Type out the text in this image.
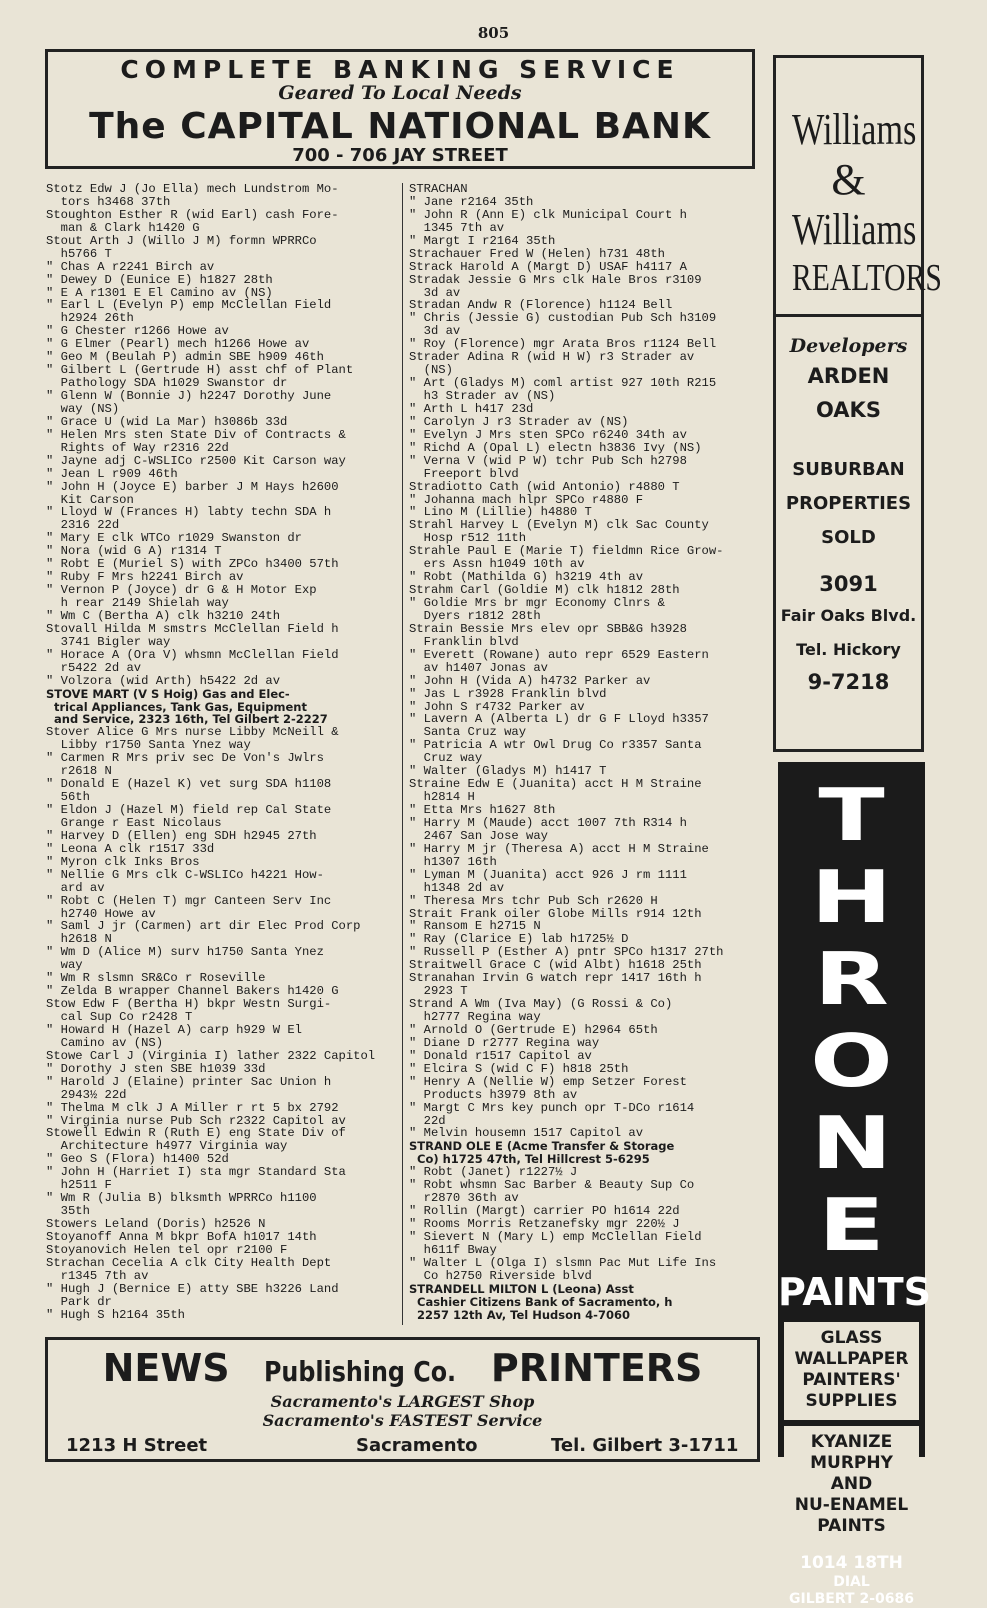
805
COMPLETE BANKING SERVICE
Geared To Local Needs
The CAPITAL NATIONAL BANK
700 - 706 JAY STREET
Stotz Edw J (Jo Ella) mech Lundstrom Mo-
tors h3468 37th
Stoughton Esther R (wid Earl) cash Fore-
man & Clark h1420 G
Stout Arth J (Willo J M) formn WPRRCo
h5766 T
" Chas A r2241 Birch av
" Dewey D (Eunice E) h1827 28th
" E A r1301 E El Camino av (NS)
" Earl L (Evelyn P) emp McClellan Field
h2924 26th
" G Chester r1266 Howe av
" G Elmer (Pearl) mech h1266 Howe av
" Geo M (Beulah P) admin SBE h909 46th
" Gilbert L (Gertrude H) asst chf of Plant
Pathology SDA h1029 Swanstor dr
" Glenn W (Bonnie J) h2247 Dorothy June
way (NS)
" Grace U (wid La Mar) h3086b 33d
" Helen Mrs sten State Div of Contracts &
Rights of Way r2316 22d
" Jayne adj C-WSLICo r2500 Kit Carson way
" Jean L r909 46th
" John H (Joyce E) barber J M Hays h2600
Kit Carson
" Lloyd W (Frances H) labty techn SDA h
2316 22d
" Mary E clk WTCo r1029 Swanston dr
" Nora (wid G A) r1314 T
" Robt E (Muriel S) with ZPCo h3400 57th
" Ruby F Mrs h2241 Birch av
" Vernon P (Joyce) dr G & H Motor Exp
h rear 2149 Shielah way
" Wm C (Bertha A) clk h3210 24th
Stovall Hilda M smstrs McClellan Field h
3741 Bigler way
" Horace A (Ora V) whsmn McClellan Field
r5422 2d av
" Volzora (wid Arth) h5422 2d av
STOVE MART (V S Hoig) Gas and Elec-
trical Appliances, Tank Gas, Equipment
and Service, 2323 16th, Tel Gilbert 2-2227
Stover Alice G Mrs nurse Libby McNeill &
Libby r1750 Santa Ynez way
" Carmen R Mrs priv sec De Von's Jwlrs
r2618 N
" Donald E (Hazel K) vet surg SDA h1108
56th
" Eldon J (Hazel M) field rep Cal State
Grange r East Nicolaus
" Harvey D (Ellen) eng SDH h2945 27th
" Leona A clk r1517 33d
" Myron clk Inks Bros
" Nellie G Mrs clk C-WSLICo h4221 How-
ard av
" Robt C (Helen T) mgr Canteen Serv Inc
h2740 Howe av
" Saml J jr (Carmen) art dir Elec Prod Corp
h2618 N
" Wm D (Alice M) surv h1750 Santa Ynez
way
" Wm R slsmn SR&Co r Roseville
" Zelda B wrapper Channel Bakers h1420 G
Stow Edw F (Bertha H) bkpr Westn Surgi-
cal Sup Co r2428 T
" Howard H (Hazel A) carp h929 W El
Camino av (NS)
Stowe Carl J (Virginia I) lather 2322 Capitol
" Dorothy J sten SBE h1039 33d
" Harold J (Elaine) printer Sac Union h
2943½ 22d
" Thelma M clk J A Miller r rt 5 bx 2792
" Virginia nurse Pub Sch r2322 Capitol av
Stowell Edwin R (Ruth E) eng State Div of
Architecture h4977 Virginia way
" Geo S (Flora) h1400 52d
" John H (Harriet I) sta mgr Standard Sta
h2511 F
" Wm R (Julia B) blksmth WPRRCo h1100
35th
Stowers Leland (Doris) h2526 N
Stoyanoff Anna M bkpr BofA h1017 14th
Stoyanovich Helen tel opr r2100 F
Strachan Cecelia A clk City Health Dept
r1345 7th av
" Hugh J (Bernice E) atty SBE h3226 Land
Park dr
" Hugh S h2164 35th
STRACHAN
" Jane r2164 35th
" John R (Ann E) clk Municipal Court h
1345 7th av
" Margt I r2164 35th
Strachauer Fred W (Helen) h731 48th
Strack Harold A (Margt D) USAF h4117 A
Stradak Jessie G Mrs clk Hale Bros r3109
3d av
Stradan Andw R (Florence) h1124 Bell
" Chris (Jessie G) custodian Pub Sch h3109
3d av
" Roy (Florence) mgr Arata Bros r1124 Bell
Strader Adina R (wid H W) r3 Strader av
(NS)
" Art (Gladys M) coml artist 927 10th R215
h3 Strader av (NS)
" Arth L h417 23d
" Carolyn J r3 Strader av (NS)
" Evelyn J Mrs sten SPCo r6240 34th av
" Richd A (Opal L) electn h3836 Ivy (NS)
" Verna V (wid P W) tchr Pub Sch h2798
Freeport blvd
Stradiotto Cath (wid Antonio) r4880 T
" Johanna mach hlpr SPCo r4880 F
" Lino M (Lillie) h4880 T
Strahl Harvey L (Evelyn M) clk Sac County
Hosp r512 11th
Strahle Paul E (Marie T) fieldmn Rice Grow-
ers Assn h1049 10th av
" Robt (Mathilda G) h3219 4th av
Strahm Carl (Goldie M) clk h1812 28th
" Goldie Mrs br mgr Economy Clnrs &
Dyers r1812 28th
Strain Bessie Mrs elev opr SBB&G h3928
Franklin blvd
" Everett (Rowane) auto repr 6529 Eastern
av h1407 Jonas av
" John H (Vida A) h4732 Parker av
" Jas L r3928 Franklin blvd
" John S r4732 Parker av
" Lavern A (Alberta L) dr G F Lloyd h3357
Santa Cruz way
" Patricia A wtr Owl Drug Co r3357 Santa
Cruz way
" Walter (Gladys M) h1417 T
Straine Edw E (Juanita) acct H M Straine
h2814 H
" Etta Mrs h1627 8th
" Harry M (Maude) acct 1007 7th R314 h
2467 San Jose way
" Harry M jr (Theresa A) acct H M Straine
h1307 16th
" Lyman M (Juanita) acct 926 J rm 1111
h1348 2d av
" Theresa Mrs tchr Pub Sch r2620 H
Strait Frank oiler Globe Mills r914 12th
" Ransom E h2715 N
" Ray (Clarice E) lab h1725½ D
" Russell P (Esther A) pntr SPCo h1317 27th
Straitwell Grace C (wid Albt) h1618 25th
Stranahan Irvin G watch repr 1417 16th h
2923 T
Strand A Wm (Iva May) (G Rossi & Co)
h2777 Regina way
" Arnold O (Gertrude E) h2964 65th
" Diane D r2777 Regina way
" Donald r1517 Capitol av
" Elcira S (wid C F) h818 25th
" Henry A (Nellie W) emp Setzer Forest
Products h3979 8th av
" Margt C Mrs key punch opr T-DCo r1614
22d
" Melvin housemn 1517 Capitol av
STRAND OLE E (Acme Transfer & Storage
Co) h1725 47th, Tel Hillcrest 5-6295
" Robt (Janet) r1227½ J
" Robt whsmn Sac Barber & Beauty Sup Co
r2870 36th av
" Rollin (Margt) carrier PO h1614 22d
" Rooms Morris Retzanefsky mgr 220½ J
" Sievert N (Mary L) emp McClellan Field
h611f Bway
" Walter L (Olga I) slsmn Pac Mut Life Ins
Co h2750 Riverside blvd
STRANDELL MILTON L (Leona) Asst
Cashier Citizens Bank of Sacramento, h
2257 12th Av, Tel Hudson 4-7060
Williams
&
Williams
REALTORS
Developers
ARDEN
OAKS
SUBURBAN
PROPERTIES
SOLD
3091
Fair Oaks Blvd.
Tel. Hickory
9-7218
T
H
R
O
N
E
PAINTS
GLASS
WALLPAPER
PAINTERS'
SUPPLIES
KYANIZE
MURPHY
AND
NU-ENAMEL
PAINTS
1014 18TH
DIAL
GILBERT 2-0686
NEWS Publishing Co. PRINTERS
Sacramento's LARGEST Shop
Sacramento's FASTEST Service
1213 H Street	Sacramento	Tel. Gilbert 3-1711
